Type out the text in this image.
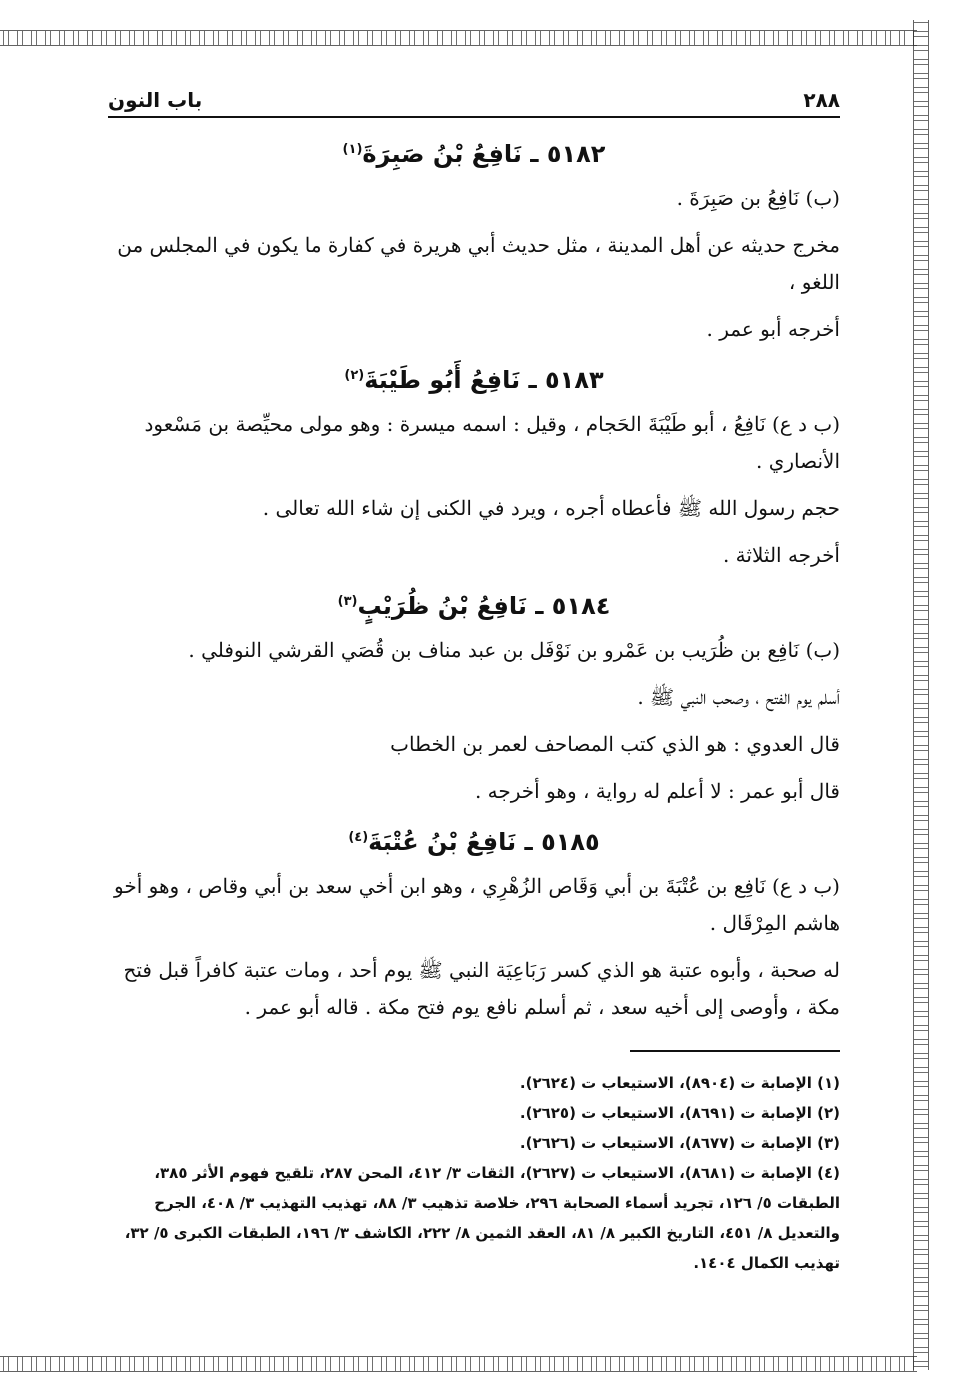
٢٨٨
باب النون
٥١٨٢ ـ نَافِعُ بْنُ صَبِرَةَ$^{(١)}$

(ب) نَافِعُ بن صَبِرَةَ .

مخرج حديثه عن أهل المدينة ، مثل حديث أبي هريرة في كفارة ما يكون في المجلس من اللغو ،

أخرجه أبو عمر .

٥١٨٣ ـ نَافِعُ أَبُو طَيْبَةَ$^{(٢)}$

(ب د ع) نَافِعُ ، أبو طَيْبَةَ الحَجام ، وقيل : اسمه ميسرة : وهو مولى محيِّصة بن مَسْعود الأنصاري .

حجم رسول الله ﷺ فأعطاه أجره ، ويرد في الكنى إن شاء الله تعالى .

أخرجه الثلاثة .

٥١٨٤ ـ نَافِعُ بْنُ ظُرَيْبٍ$^{(٣)}$

(ب) نَافِع بن ظُرَيب بن عَمْرو بن نَوْفَل بن عبد مناف بن قُصَي القرشي النوفلي .

أسلم يوم الفتح ، وصحب النبي ﷺ .

قال العدوي : هو الذي كتب المصاحف لعمر بن الخطاب

قال أبو عمر : لا أعلم له رواية ، وهو أخرجه .

٥١٨٥ ـ نَافِعُ بْنُ عُتْبَةَ$^{(٤)}$

(ب د ع) نَافِع بن عُتْبَةَ بن أبي وَقَاص الزُهْرِي ، وهو ابن أخي سعد بن أبي وقاص ، وهو أخو هاشم المِرْقَال .

له صحبة ، وأبوه عتبة هو الذي كسر رَبَاعِيَة النبي ﷺ يوم أحد ، ومات عتبة كافراً قبل فتح مكة ، وأوصى إلى أخيه سعد ، ثم أسلم نافع يوم فتح مكة . قاله أبو عمر .

(١) الإصابة ت (٨٩٠٤)، الاستيعاب ت (٢٦٢٤).

(٢) الإصابة ت (٨٦٩١)، الاستيعاب ت (٢٦٢٥).

(٣) الإصابة ت (٨٦٧٧)، الاستيعاب ت (٢٦٢٦).

(٤) الإصابة ت (٨٦٨١)، الاستيعاب ت (٢٦٢٧)، الثقات ٣/ ٤١٢، المحن ٢٨٧، تلقيح فهوم الأثر ٣٨٥، الطبقات ٥/ ١٢٦، تجريد أسماء الصحابة ٢٩٦، خلاصة تذهيب ٣/ ٨٨، تهذيب التهذيب ٣/ ٤٠٨، الجرح والتعديل ٨/ ٤٥١، التاريخ الكبير ٨/ ٨١، العقد الثمين ٨/ ٢٢٢، الكاشف ٣/ ١٩٦، الطبقات الكبرى ٥/ ٣٢، تهذيب الكمال ١٤٠٤.
